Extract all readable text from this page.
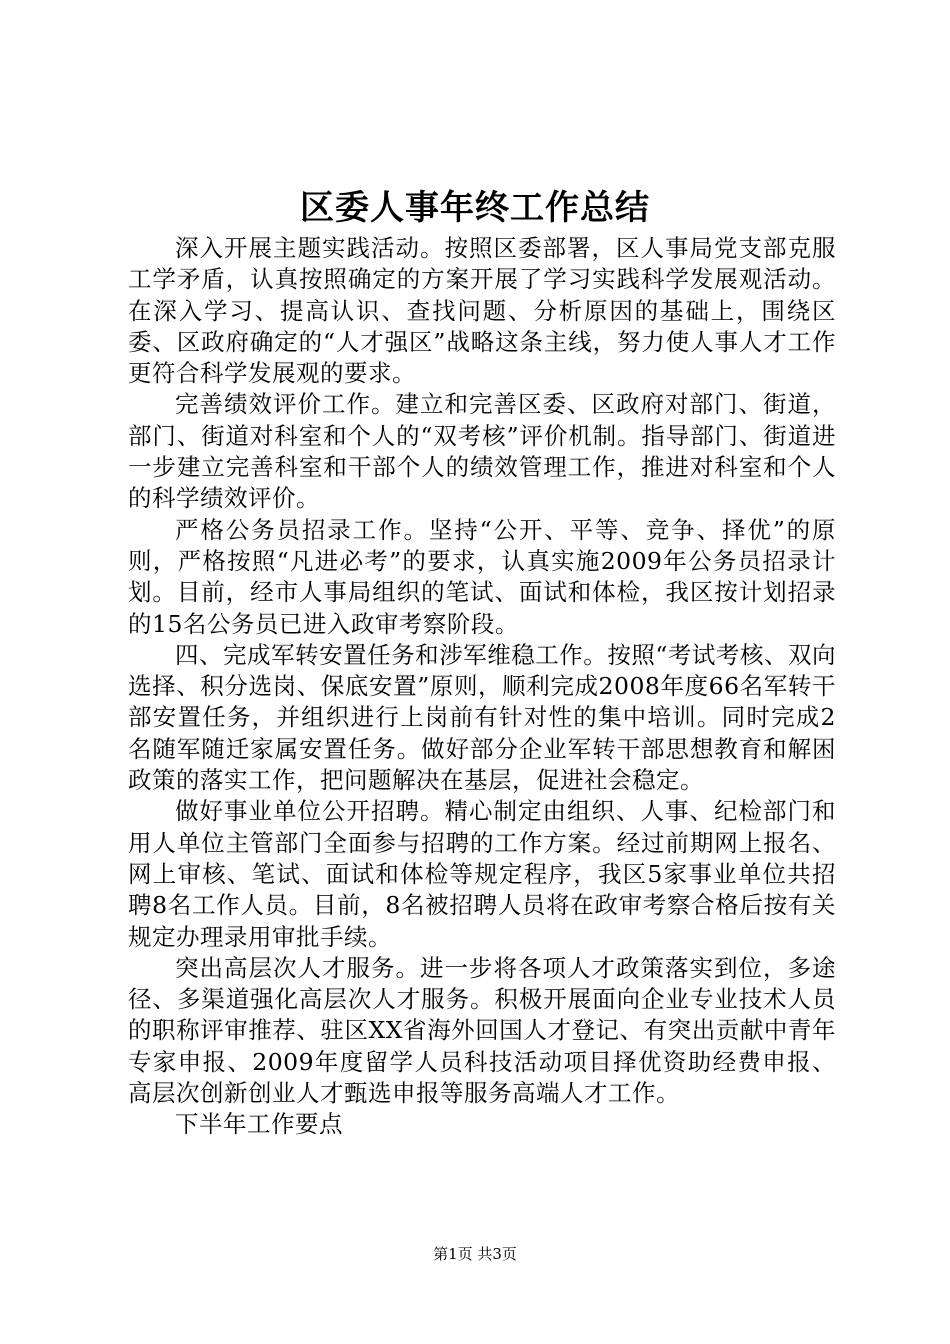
区委人事年终工作总结

深入开展主题实践活动。按照区委部署，区人事局党支部克服工学矛盾，认真按照确定的方案开展了学习实践科学发展观活动。在深入学习、提高认识、查找问题、分析原因的基础上，围绕区委、区政府确定的“人才强区”战略这条主线，努力使人事人才工作更符合科学发展观的要求。

完善绩效评价工作。建立和完善区委、区政府对部门、街道，部门、街道对科室和个人的“双考核”评价机制。指导部门、街道进一步建立完善科室和干部个人的绩效管理工作，推进对科室和个人的科学绩效评价。

严格公务员招录工作。坚持“公开、平等、竞争、择优”的原则，严格按照“凡进必考”的要求，认真实施2009年公务员招录计划。目前，经市人事局组织的笔试、面试和体检，我区按计划招录的15名公务员已进入政审考察阶段。

四、完成军转安置任务和涉军维稳工作。按照“考试考核、双向选择、积分选岗、保底安置”原则，顺利完成2008年度66名军转干部安置任务，并组织进行上岗前有针对性的集中培训。同时完成2名随军随迁家属安置任务。做好部分企业军转干部思想教育和解困政策的落实工作，把问题解决在基层，促进社会稳定。

做好事业单位公开招聘。精心制定由组织、人事、纪检部门和用人单位主管部门全面参与招聘的工作方案。经过前期网上报名、网上审核、笔试、面试和体检等规定程序，我区5家事业单位共招聘8名工作人员。目前，8名被招聘人员将在政审考察合格后按有关规定办理录用审批手续。

突出高层次人才服务。进一步将各项人才政策落实到位，多途径、多渠道强化高层次人才服务。积极开展面向企业专业技术人员的职称评审推荐、驻区XX省海外回国人才登记、有突出贡献中青年专家申报、2009年度留学人员科技活动项目择优资助经费申报、高层次创新创业人才甄选申报等服务高端人才工作。

下半年工作要点

第1页 共3页
